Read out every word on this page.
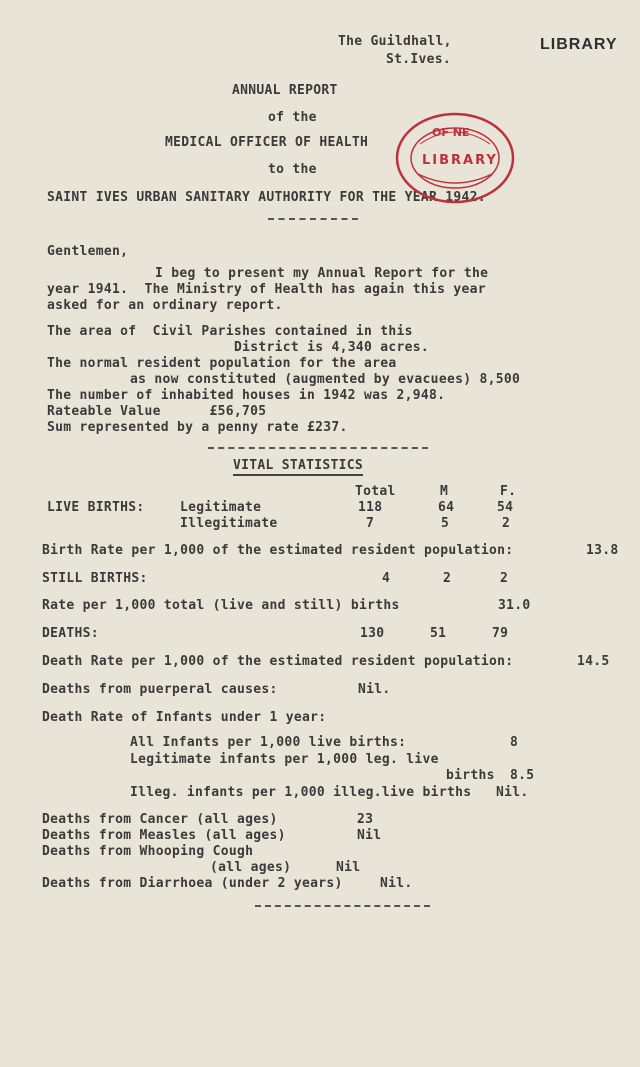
The Guildhall,
St.Ives.
LIBRARY
ANNUAL REPORT
of the
MEDICAL OFFICER OF HEALTH
to the
SAINT IVES URBAN SANITARY AUTHORITY FOR THE YEAR 1942.
OF NE
LIBRARY
Gentlemen,
I beg to present my Annual Report for the
year 1941.  The Ministry of Health has again this year
asked for an ordinary report.
The area of  Civil Parishes contained in this
District is 4,340 acres.
The normal resident population for the area
as now constituted (augmented by evacuees) 8,500
The number of inhabited houses in 1942 was 2,948.
Rateable Value      £56,705
Sum represented by a penny rate £237.
VITAL STATISTICS
Total	M	F.
LIVE BIRTHS:	Legitimate	118	64	54
Illegitimate	7	5	2
Birth Rate per 1,000 of the estimated resident population:	13.8
STILL BIRTHS:	4	2	2
Rate per 1,000 total (live and still) births	31.0
DEATHS:	130	51	79
Death Rate per 1,000 of the estimated resident population:	14.5
Deaths from puerperal causes:	Nil.
Death Rate of Infants under 1 year:
All Infants per 1,000 live births:	8
Legitimate infants per 1,000 leg. live
births 8.5
Illeg. infants per 1,000 illeg.live births Nil.
Deaths from Cancer (all ages)	23
Deaths from Measles (all ages)	Nil
Deaths from Whooping Cough
(all ages)	Nil
Deaths from Diarrhoea (under 2 years)	Nil.
